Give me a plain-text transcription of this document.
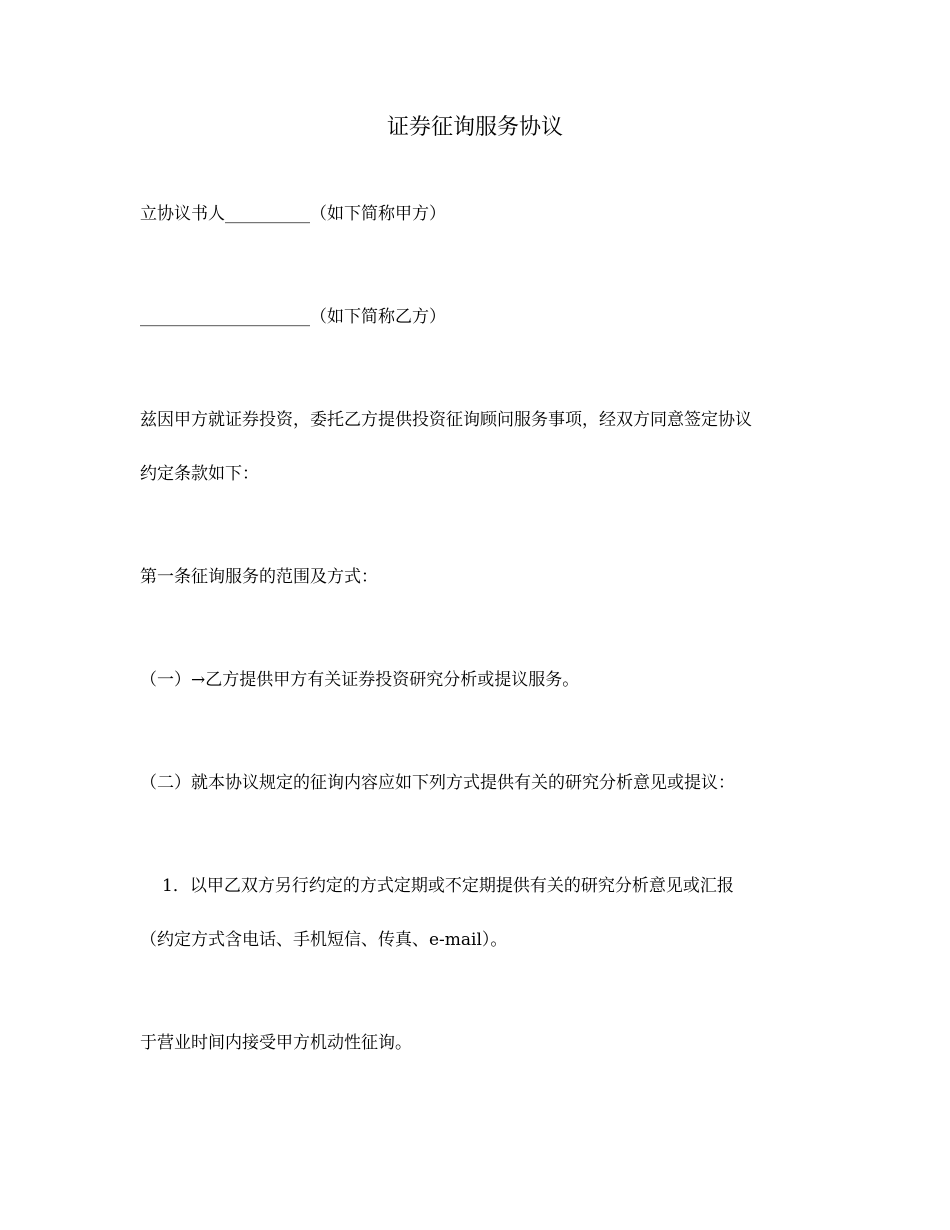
证券征询服务协议
立协议书人__________（如下简称甲方）
____________________（如下简称乙方）
兹因甲方就证券投资，委托乙方提供投资征询顾问服务事项，经双方同意签定协议
约定条款如下：
第一条征询服务的范围及方式：
（一）→乙方提供甲方有关证券投资研究分析或提议服务。
（二）就本协议规定的征询内容应如下列方式提供有关的研究分析意见或提议：
1．以甲乙双方另行约定的方式定期或不定期提供有关的研究分析意见或汇报
（约定方式含电话、手机短信、传真、e-mail）。
于营业时间内接受甲方机动性征询。
